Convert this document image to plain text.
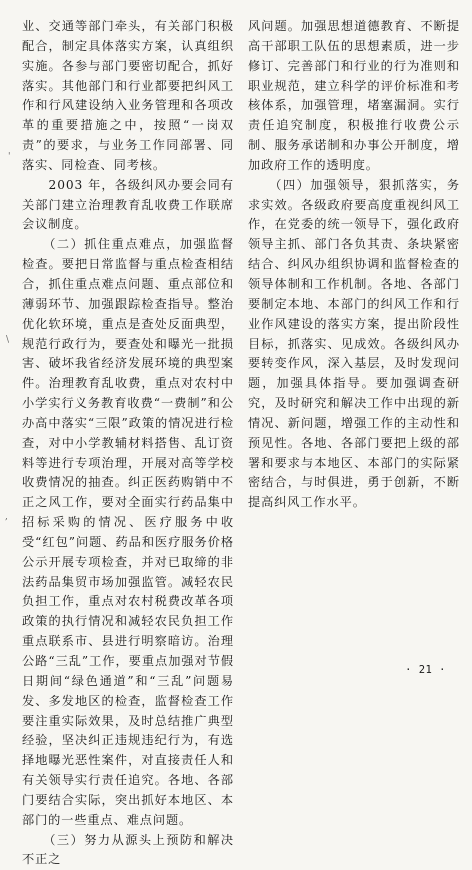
业、交通等部门牵头，有关部门积极配合，制定具体落实方案，认真组织实施。各参与部门要密切配合，抓好落实。其他部门和行业都要把纠风工作和行风建设纳入业务管理和各项改革的重要措施之中，按照“一岗双责”的要求，与业务工作同部署、同落实、同检查、同考核。

　　2003 年，各级纠风办要会同有关部门建立治理教育乱收费工作联席会议制度。

　　（二）抓住重点难点，加强监督检查。要把日常监督与重点检查相结合，抓住重点难点问题、重点部位和薄弱环节、加强跟踪检查指导。整治优化软环境，重点是查处反面典型，规范行政行为，要查处和曝光一批损害、破坏我省经济发展环境的典型案件。治理教育乱收费，重点对农村中小学实行义务教育收费“一费制”和公办高中落实“三限”政策的情况进行检查，对中小学教辅材料搭售、乱订资料等进行专项治理，开展对高等学校收费情况的抽查。纠正医药购销中不正之风工作，要对全面实行药品集中招标采购的情况、医疗服务中收受“红包”问题、药品和医疗服务价格公示开展专项检查，并对已取缔的非法药品集贸市场加强监管。减轻农民负担工作，重点对农村税费改革各项政策的执行情况和减轻农民负担工作重点联系市、县进行明察暗访。治理公路“三乱”工作，要重点加强对节假日期间“绿色通道”和“三乱”问题易发、多发地区的检查，监督检查工作要注重实际效果，及时总结推广典型经验，坚决纠正违规违纪行为，有选择地曝光恶性案件，对直接责任人和有关领导实行责任追究。各地、各部门要结合实际，突出抓好本地区、本部门的一些重点、难点问题。

　　（三）努力从源头上预防和解决不正之

风问题。加强思想道德教育、不断提高干部职工队伍的思想素质，进一步修订、完善部门和行业的行为准则和职业规范，建立科学的评价标准和考核体系，加强管理，堵塞漏洞。实行责任追究制度，积极推行收费公示制、服务承诺制和办事公开制度，增加政府工作的透明度。

　　（四）加强领导，狠抓落实，务求实效。各级政府要高度重视纠风工作，在党委的统一领导下，强化政府领导主抓、部门各负其责、条块紧密结合、纠风办组织协调和监督检查的领导体制和工作机制。各地、各部门要制定本地、本部门的纠风工作和行业作风建设的落实方案，提出阶段性目标，抓落实、见成效。各级纠风办要转变作风，深入基层，及时发现问题，加强具体指导。要加强调查研究，及时研究和解决工作中出现的新情况、新问题，增强工作的主动性和预见性。各地、各部门要把上级的部署和要求与本地区、本部门的实际紧密结合，与时俱进，勇于创新，不断提高纠风工作水平。

'
\
,
· 21 ·
